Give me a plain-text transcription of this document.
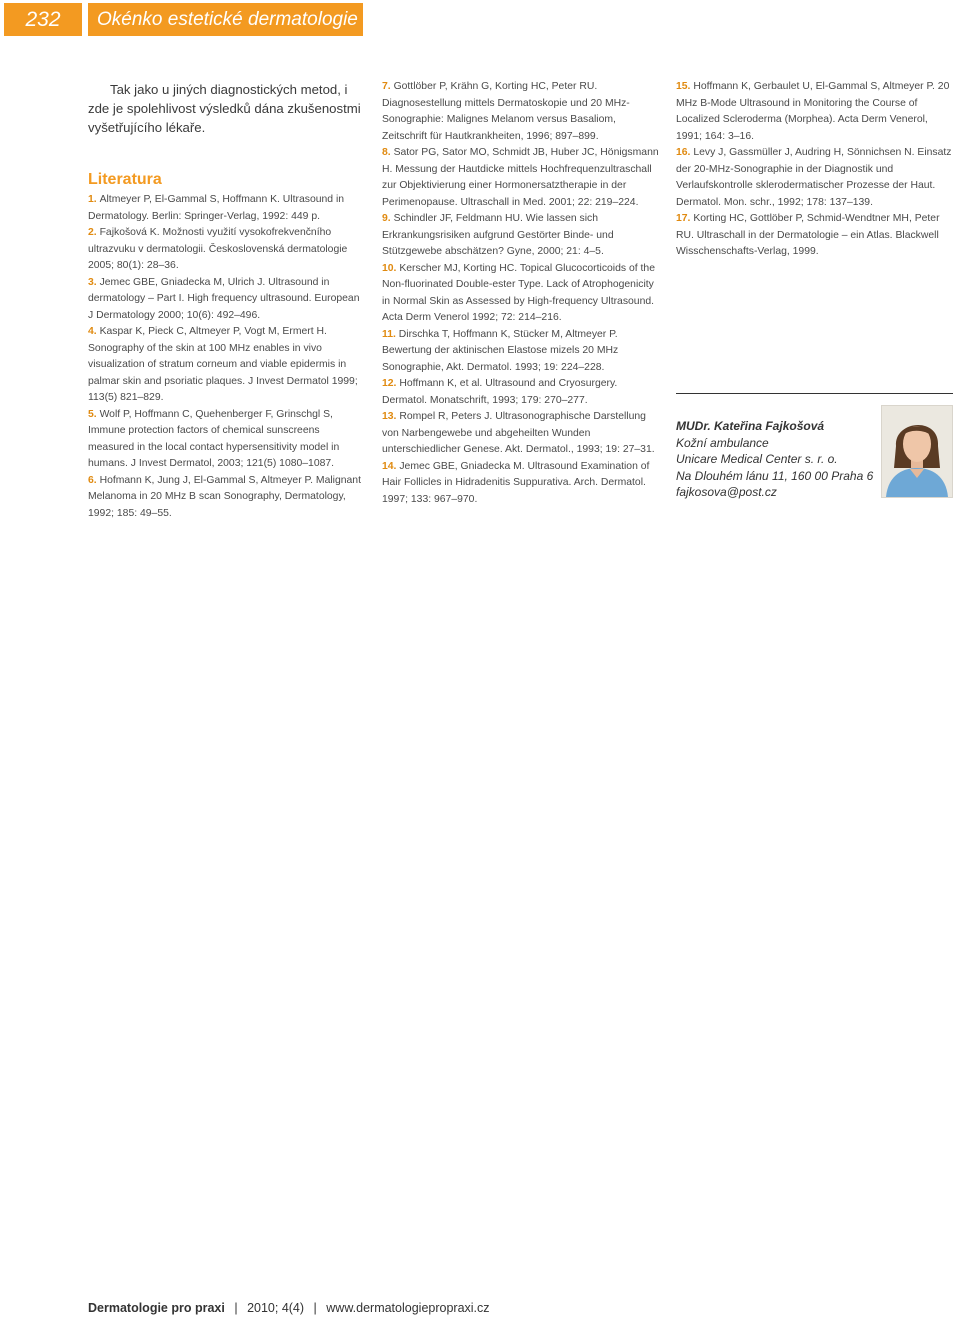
232	Okénko estetické dermatologie

Tak jako u jiných diagnostických metod, i zde je spolehlivost výsledků dána zkušenostmi vyšetřujícího lékaře.

Literatura

1. Altmeyer P, El-Gammal S, Hoffmann K. Ultrasound in Dermatology. Berlin: Springer-Verlag, 1992: 449 p.

2. Fajkošová K. Možnosti využití vysokofrekvenčního ultrazvuku v dermatologii. Československá dermatologie 2005; 80(1): 28–36.

3. Jemec GBE, Gniadecka M, Ulrich J. Ultrasound in dermatology – Part I. High frequency ultrasound. European J Dermatology 2000; 10(6): 492–496.

4. Kaspar K, Pieck C, Altmeyer P, Vogt M, Ermert H. Sonography of the skin at 100 MHz enables in vivo visualization of stratum corneum and viable epidermis in palmar skin and psoriatic plaques. J Invest Dermatol 1999; 113(5) 821–829.

5. Wolf P, Hoffmann C, Quehenberger F, Grinschgl S, Immune protection factors of chemical sunscreens measured in the local contact hypersensitivity model in humans. J Invest Dermatol, 2003; 121(5) 1080–1087.

6. Hofmann K, Jung J, El-Gammal S, Altmeyer P. Malignant Melanoma in 20 MHz B scan Sonography, Dermatology, 1992; 185: 49–55.

7. Gottlöber P, Krähn G, Korting HC, Peter RU. Diagnosestellung mittels Dermatoskopie und 20 MHz-Sonographie: Malignes Melanom versus Basaliom, Zeitschrift für Hautkrankheiten, 1996; 897–899.

8. Sator PG, Sator MO, Schmidt JB, Huber JC, Hönigsmann H. Messung der Hautdicke mittels Hochfrequenzultraschall zur Objektivierung einer Hormonersatztherapie in der Perimenopause. Ultraschall in Med. 2001; 22: 219–224.

9. Schindler JF, Feldmann HU. Wie lassen sich Erkrankungsrisiken aufgrund Gestörter Binde- und Stützgewebe abschätzen? Gyne, 2000; 21: 4–5.

10. Kerscher MJ, Korting HC. Topical Glucocorticoids of the Non-fluorinated Double-ester Type. Lack of Atrophogenicity in Normal Skin as Assessed by High-frequency Ultrasound. Acta Derm Venerol 1992; 72: 214–216.

11. Dirschka T, Hoffmann K, Stücker M, Altmeyer P. Bewertung der aktinischen Elastose mizels 20 MHz Sonographie, Akt. Dermatol. 1993; 19: 224–228.

12. Hoffmann K, et al. Ultrasound and Cryosurgery. Dermatol. Monatschrift, 1993; 179: 270–277.

13. Rompel R, Peters J. Ultrasonographische Darstellung von Narbengewebe und abgeheilten Wunden unterschiedlicher Genese. Akt. Dermatol., 1993; 19: 27–31.

14. Jemec GBE, Gniadecka M. Ultrasound Examination of Hair Follicles in Hidradenitis Suppurativa. Arch. Dermatol. 1997; 133: 967–970.

15. Hoffmann K, Gerbaulet U, El-Gammal S, Altmeyer P. 20 MHz B-Mode Ultrasound in Monitoring the Course of Localized Scleroderma (Morphea). Acta Derm Venerol, 1991; 164: 3–16.

16. Levy J, Gassmüller J, Audring H, Sönnichsen N. Einsatz der 20-MHz-Sonographie in der Diagnostik und Verlaufskontrolle sklerodermatischer Prozesse der Haut. Dermatol. Mon. schr., 1992; 178: 137–139.

17. Korting HC, Gottlöber P, Schmid-Wendtner MH, Peter RU. Ultraschall in der Dermatologie – ein Atlas. Blackwell Wisschenschafts-Verlag, 1999.

MUDr. Kateřina Fajkošová
Kožní ambulance
Unicare Medical Center s. r. o.
Na Dlouhém lánu 11, 160 00 Praha 6
fajkosova@post.cz
Dermatologie pro praxi | 2010; 4(4) | www.dermatologiepropraxi.cz
